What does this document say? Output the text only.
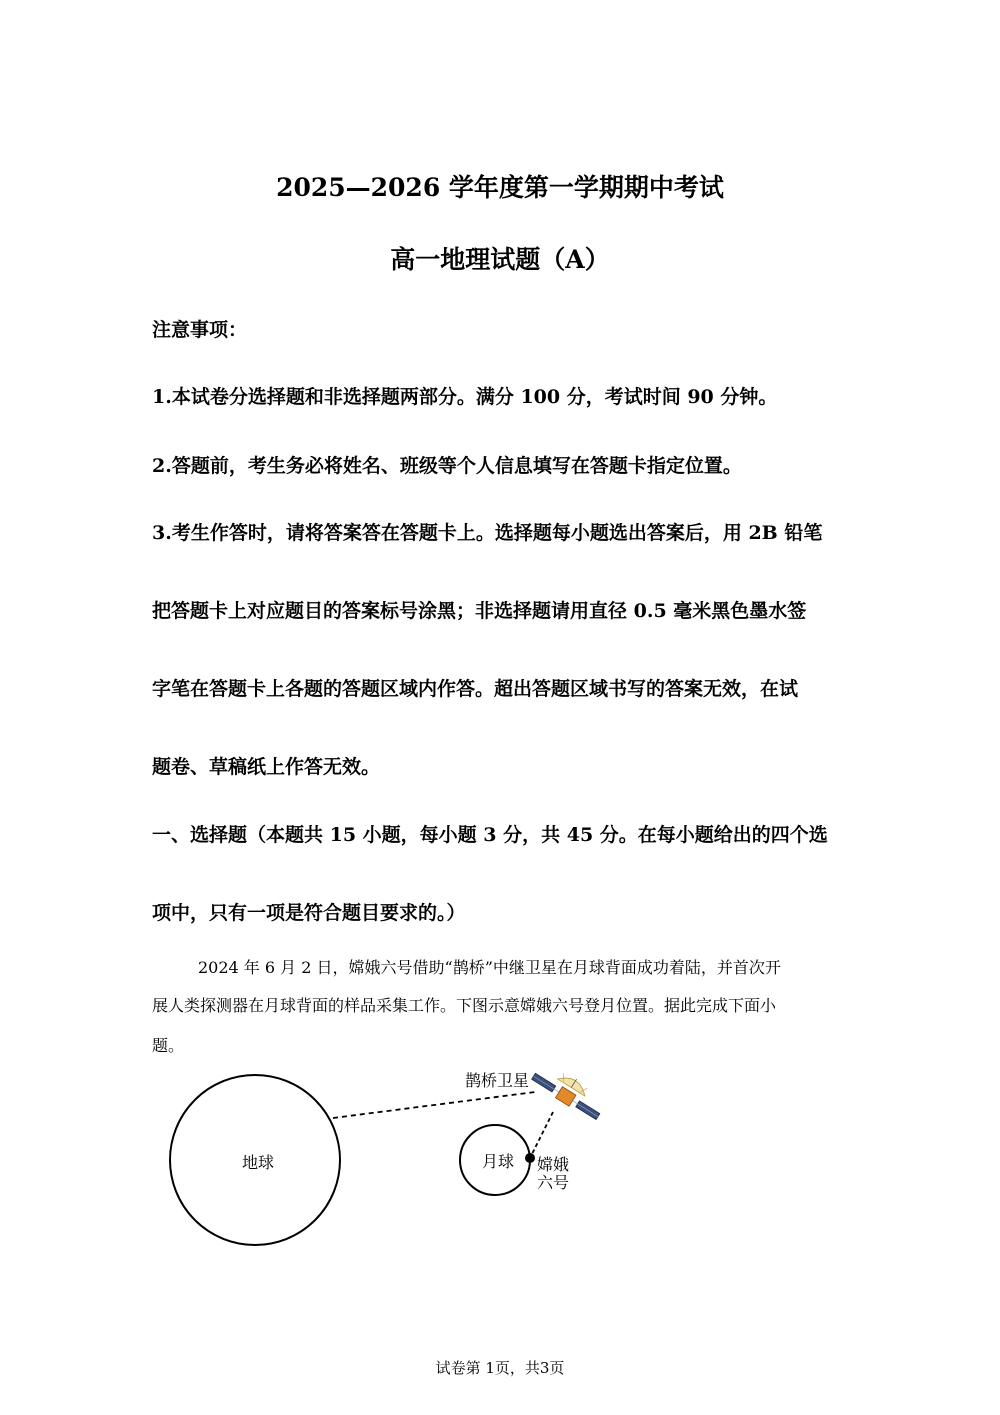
2025—2026 学年度第一学期期中考试
高一地理试题（A）
注意事项：
1.本试卷分选择题和非选择题两部分。满分 100 分，考试时间 90 分钟。
2.答题前，考生务必将姓名、班级等个人信息填写在答题卡指定位置。
3.考生作答时，请将答案答在答题卡上。选择题每小题选出答案后，用 2B 铅笔
把答题卡上对应题目的答案标号涂黑；非选择题请用直径 0.5 毫米黑色墨水签
字笔在答题卡上各题的答题区域内作答。超出答题区域书写的答案无效，在试
题卷、草稿纸上作答无效。
一、选择题（本题共 15 小题，每小题 3 分，共 45 分。在每小题给出的四个选
项中，只有一项是符合题目要求的。）
2024 年 6 月 2 日，嫦娥六号借助“鹊桥”中继卫星在月球背面成功着陆，并首次开
展人类探测器在月球背面的样品采集工作。下图示意嫦娥六号登月位置。据此完成下面小
题。
地球	月球
鹊桥卫星
嫦娥
六号
试卷第 1页，共3页
